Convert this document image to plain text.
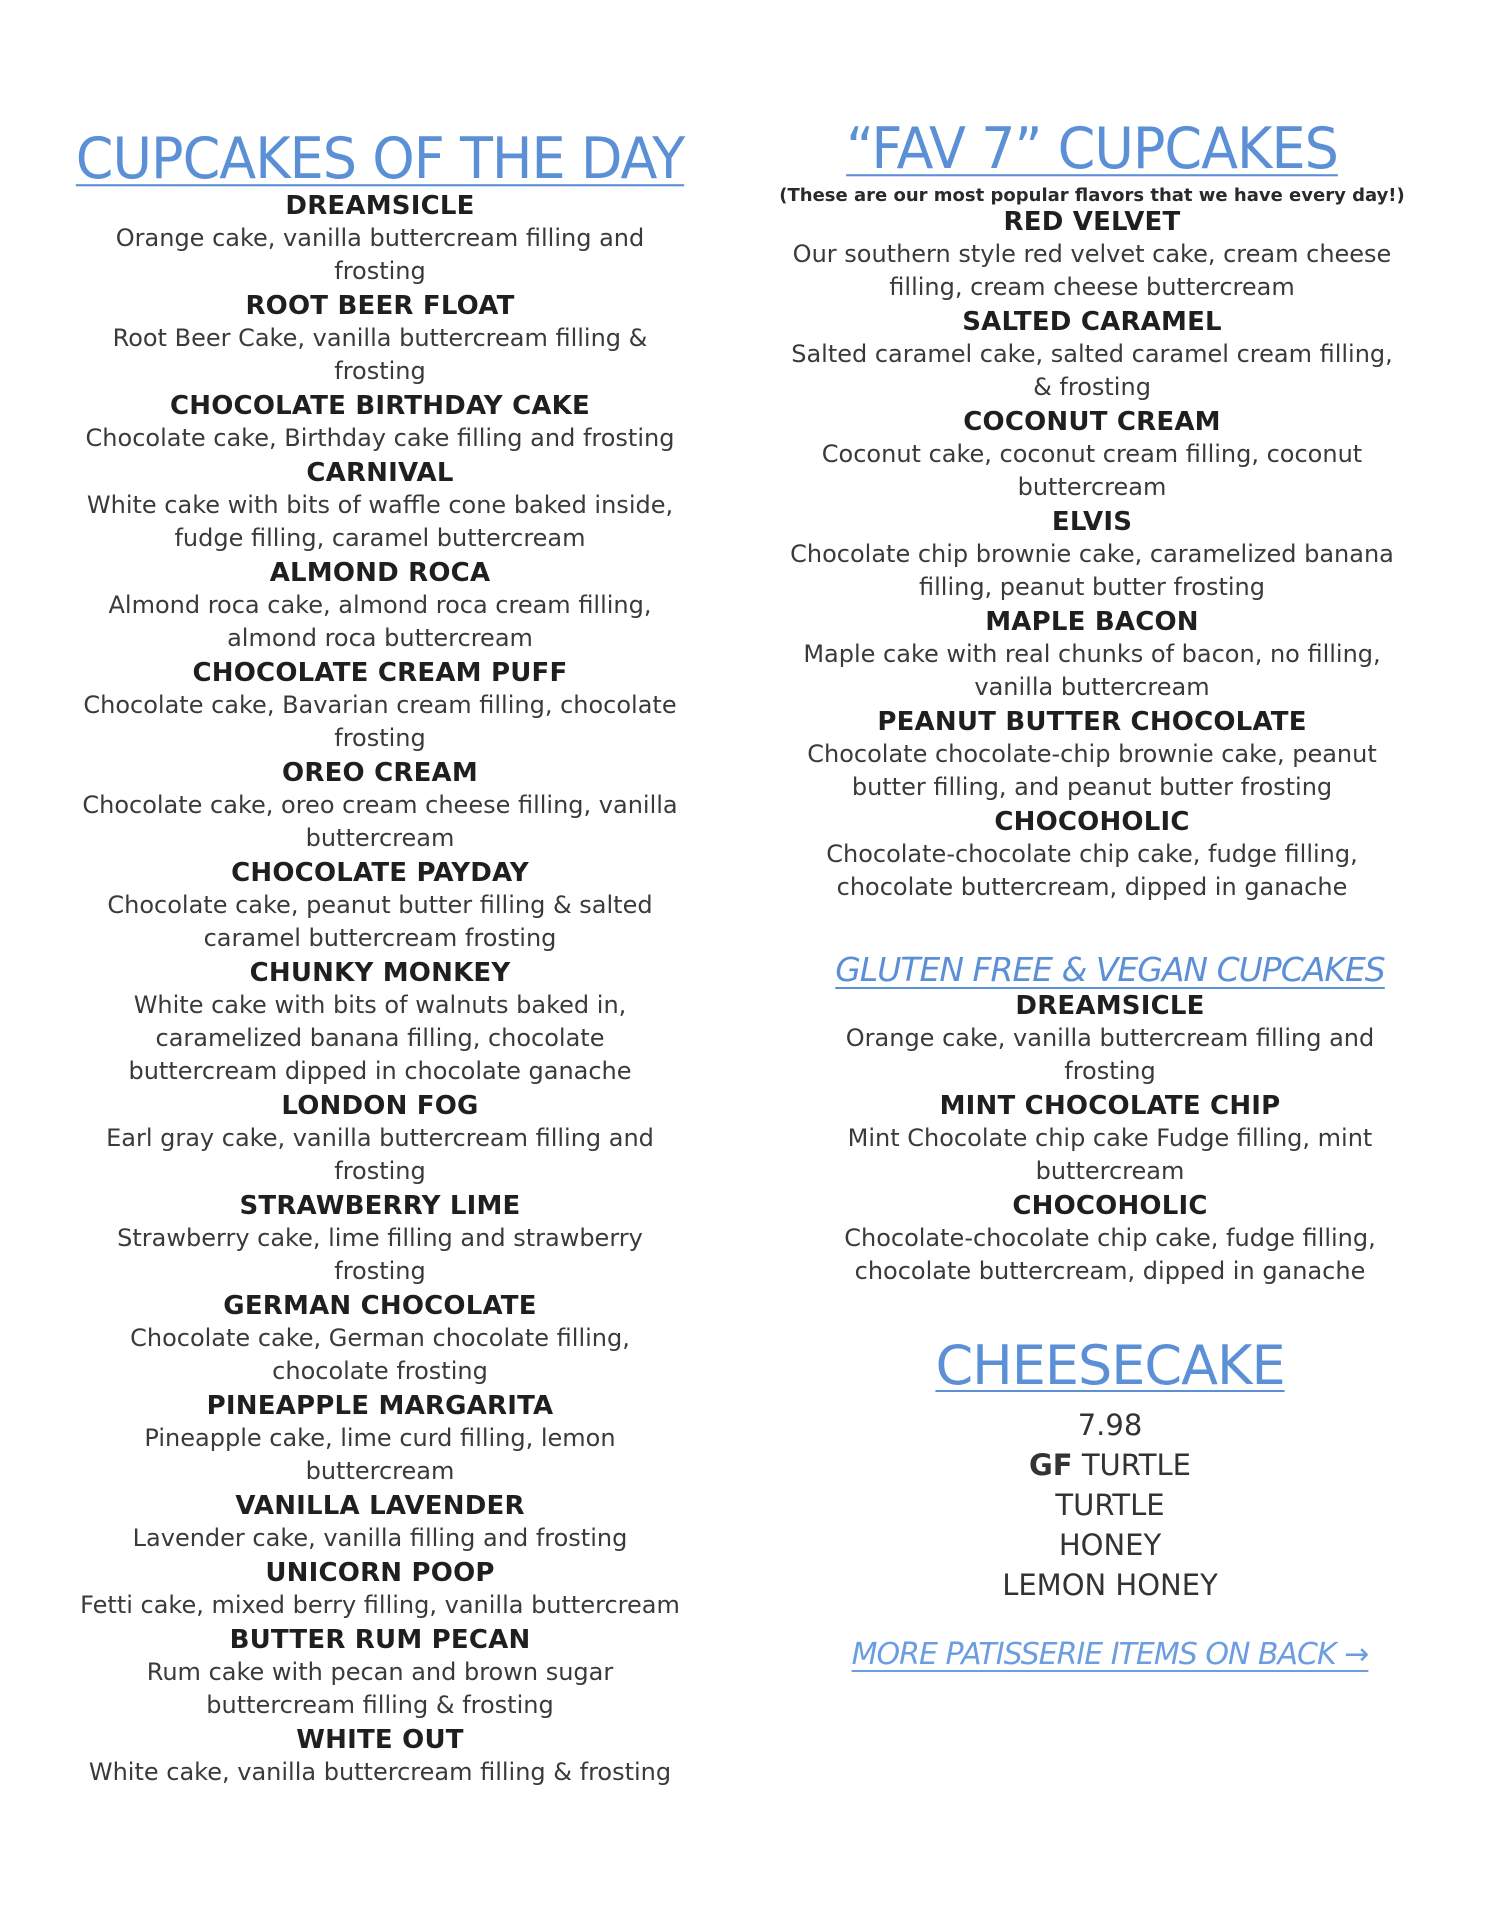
CUPCAKES OF THE DAY

DREAMSICLE

Orange cake, vanilla buttercream filling and frosting

ROOT BEER FLOAT

Root Beer Cake, vanilla buttercream filling & frosting

CHOCOLATE BIRTHDAY CAKE

Chocolate cake, Birthday cake filling and frosting

CARNIVAL

White cake with bits of waffle cone baked inside, fudge filling, caramel buttercream

ALMOND ROCA

Almond roca cake, almond roca cream filling, almond roca buttercream

CHOCOLATE CREAM PUFF

Chocolate cake, Bavarian cream filling, chocolate frosting

OREO CREAM

Chocolate cake, oreo cream cheese filling, vanilla buttercream

CHOCOLATE PAYDAY

Chocolate cake, peanut butter filling & salted caramel buttercream frosting

CHUNKY MONKEY

White cake with bits of walnuts baked in, caramelized banana filling, chocolate buttercream dipped in chocolate ganache

LONDON FOG

Earl gray cake, vanilla buttercream filling and frosting

STRAWBERRY LIME

Strawberry cake, lime filling and strawberry frosting

GERMAN CHOCOLATE

Chocolate cake, German chocolate filling, chocolate frosting

PINEAPPLE MARGARITA

Pineapple cake, lime curd filling, lemon buttercream

VANILLA LAVENDER

Lavender cake, vanilla filling and frosting

UNICORN POOP

Fetti cake, mixed berry filling, vanilla buttercream

BUTTER RUM PECAN

Rum cake with pecan and brown sugar buttercream filling & frosting

WHITE OUT

White cake, vanilla buttercream filling & frosting

“FAV 7” CUPCAKES

(These are our most popular flavors that we have every day!)

RED VELVET

Our southern style red velvet cake, cream cheese filling, cream cheese buttercream

SALTED CARAMEL

Salted caramel cake, salted caramel cream filling, & frosting

COCONUT CREAM

Coconut cake, coconut cream filling, coconut buttercream

ELVIS

Chocolate chip brownie cake, caramelized banana filling, peanut butter frosting

MAPLE BACON

Maple cake with real chunks of bacon, no filling, vanilla buttercream

PEANUT BUTTER CHOCOLATE

Chocolate chocolate-chip brownie cake, peanut butter filling, and peanut butter frosting

CHOCOHOLIC

Chocolate-chocolate chip cake, fudge filling, chocolate buttercream, dipped in ganache

GLUTEN FREE & VEGAN CUPCAKES

DREAMSICLE

Orange cake, vanilla buttercream filling and frosting

MINT CHOCOLATE CHIP

Mint Chocolate chip cake Fudge filling, mint buttercream

CHOCOHOLIC

Chocolate-chocolate chip cake, fudge filling, chocolate buttercream, dipped in ganache

CHEESECAKE

7.98

GF TURTLE

TURTLE

HONEY

LEMON HONEY

MORE PATISSERIE ITEMS ON BACK →
